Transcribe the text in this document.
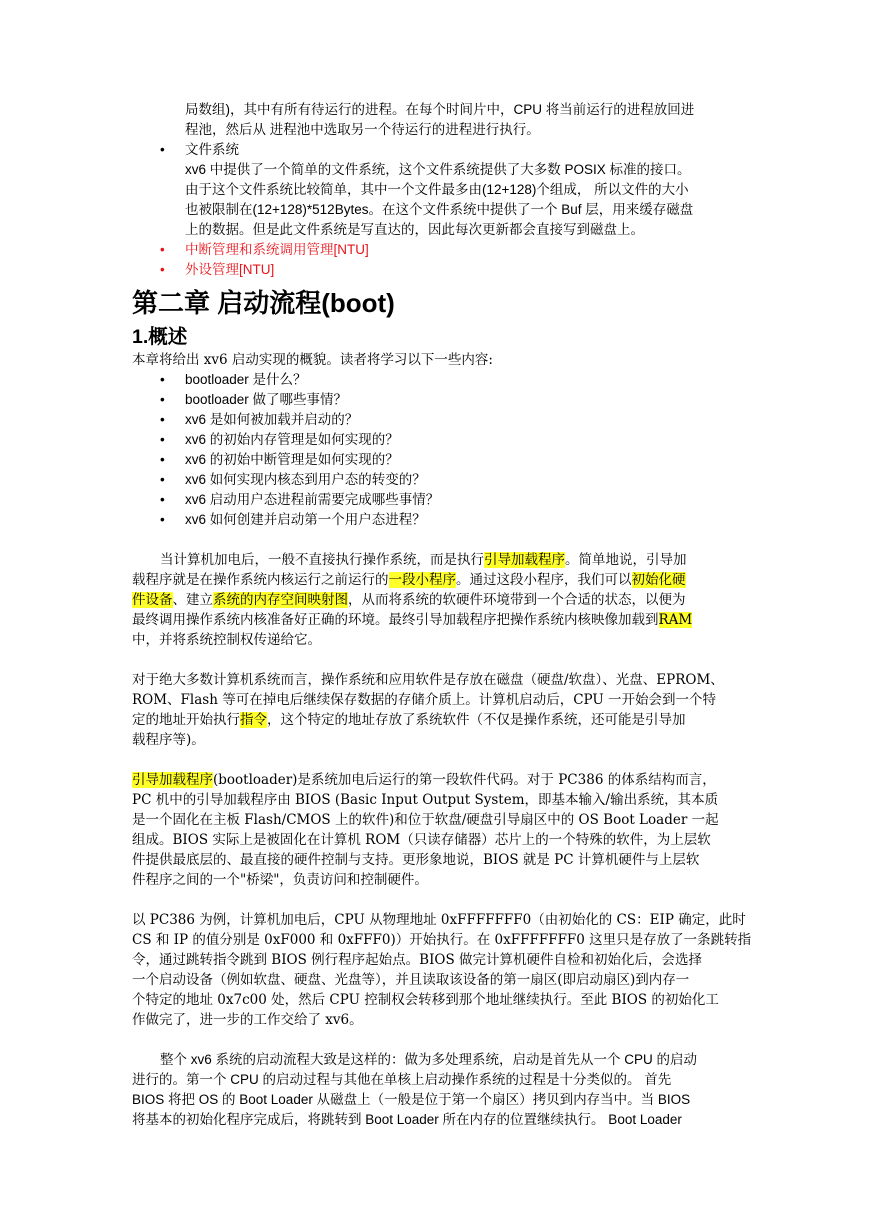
局数组)，其中有所有待运行的进程。在每个时间片中，CPU 将当前运行的进程放回进
程池，然后从 进程池中选取另一个待运行的进程进行执行。
• 文件系统
xv6 中提供了一个简单的文件系统，这个文件系统提供了大多数 POSIX 标准的接口。
由于这个文件系统比较简单，其中一个文件最多由(12+128)个组成， 所以文件的大小
也被限制在(12+128)*512Bytes。在这个文件系统中提供了一个 Buf 层，用来缓存磁盘
上的数据。但是此文件系统是写直达的，因此每次更新都会直接写到磁盘上。
• 中断管理和系统调用管理[NTU]
• 外设管理[NTU]
第二章 启动流程(boot)
1.概述
本章将给出 xv6 启动实现的概貌。读者将学习以下一些内容:
• bootloader 是什么？
• bootloader 做了哪些事情？
• xv6 是如何被加载并启动的？
• xv6 的初始内存管理是如何实现的？
• xv6 的初始中断管理是如何实现的？
• xv6 如何实现内核态到用户态的转变的？
• xv6 启动用户态进程前需要完成哪些事情？
• xv6 如何创建并启动第一个用户态进程？
当计算机加电后，一般不直接执行操作系统，而是执行引导加载程序。简单地说，引导加
载程序就是在操作系统内核运行之前运行的一段小程序。通过这段小程序，我们可以初始化硬
件设备、建立系统的内存空间映射图，从而将系统的软硬件环境带到一个合适的状态，以便为
最终调用操作系统内核准备好正确的环境。最终引导加载程序把操作系统内核映像加载到RAM
中，并将系统控制权传递给它。
对于绝大多数计算机系统而言，操作系统和应用软件是存放在磁盘（硬盘/软盘）、光盘、EPROM、
ROM、Flash 等可在掉电后继续保存数据的存储介质上。计算机启动后，CPU 一开始会到一个特
定的地址开始执行指令，这个特定的地址存放了系统软件（不仅是操作系统，还可能是引导加
载程序等)。
引导加载程序(bootloader)是系统加电后运行的第一段软件代码。对于 PC386 的体系结构而言，
PC 机中的引导加载程序由 BIOS (Basic Input Output System，即基本输入/输出系统，其本质
是一个固化在主板 Flash/CMOS 上的软件)和位于软盘/硬盘引导扇区中的 OS Boot Loader 一起
组成。BIOS 实际上是被固化在计算机 ROM（只读存储器）芯片上的一个特殊的软件，为上层软
件提供最底层的、最直接的硬件控制与支持。更形象地说，BIOS 就是 PC 计算机硬件与上层软
件程序之间的一个"桥梁"，负责访问和控制硬件。
以 PC386 为例，计算机加电后，CPU 从物理地址 0xFFFFFFF0（由初始化的 CS：EIP 确定，此时
CS 和 IP 的值分别是 0xF000 和 0xFFF0)）开始执行。在 0xFFFFFFF0 这里只是存放了一条跳转指
令，通过跳转指令跳到 BIOS 例行程序起始点。BIOS 做完计算机硬件自检和初始化后，会选择
一个启动设备（例如软盘、硬盘、光盘等），并且读取该设备的第一扇区(即启动扇区)到内存一
个特定的地址 0x7c00 处，然后 CPU 控制权会转移到那个地址继续执行。至此 BIOS 的初始化工
作做完了，进一步的工作交给了 xv6。
整个 xv6 系统的启动流程大致是这样的：做为多处理系统，启动是首先从一个 CPU 的启动
进行的。第一个 CPU 的启动过程与其他在单核上启动操作系统的过程是十分类似的。 首先
BIOS 将把 OS 的 Boot Loader 从磁盘上（一般是位于第一个扇区）拷贝到内存当中。当 BIOS
将基本的初始化程序完成后，将跳转到 Boot Loader 所在内存的位置继续执行。 Boot Loader
